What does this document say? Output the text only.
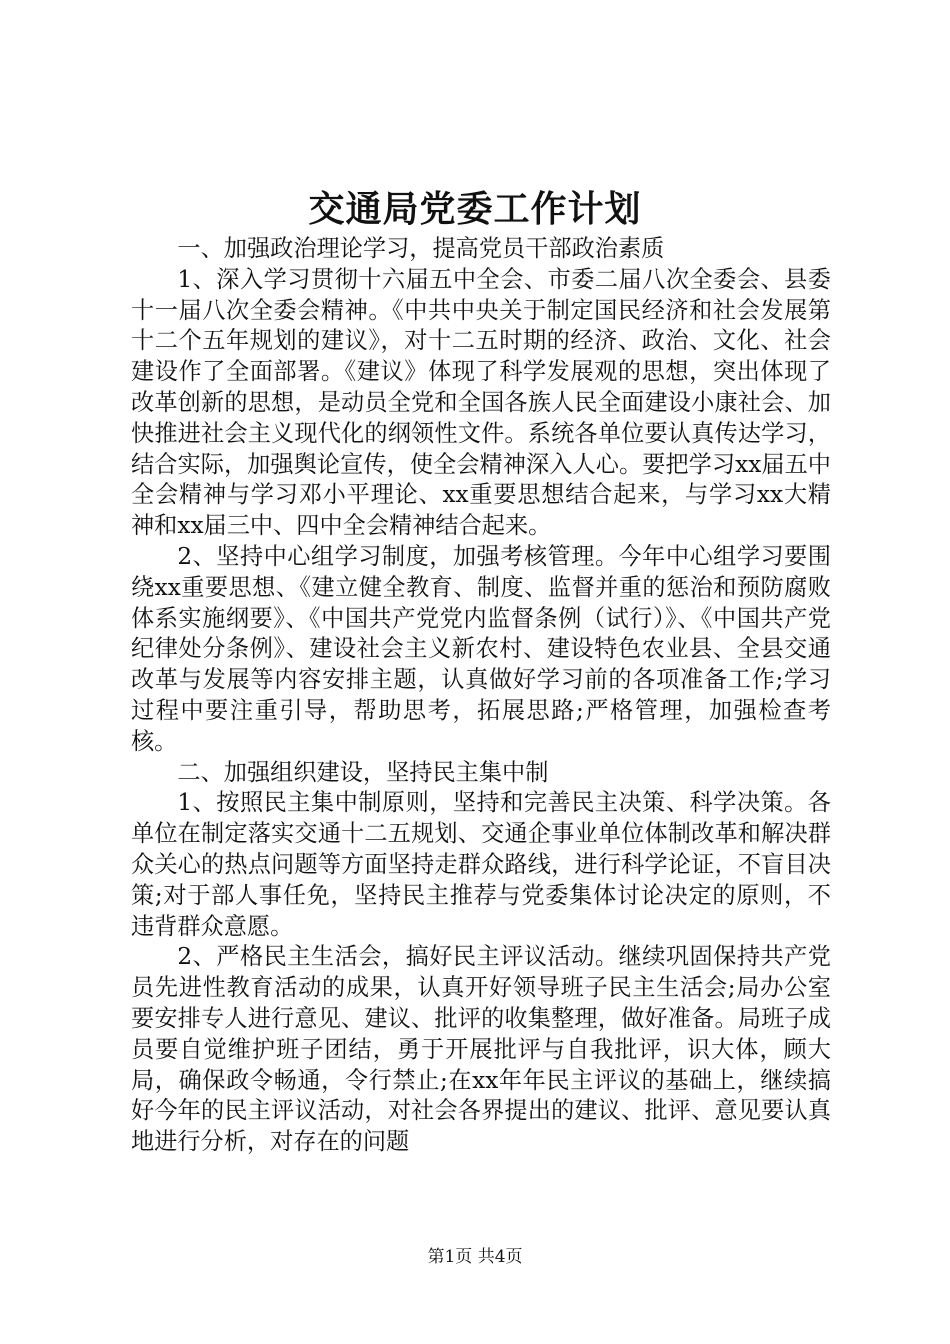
交通局党委工作计划

一、加强政治理论学习，提高党员干部政治素质

1、深入学习贯彻十六届五中全会、市委二届八次全委会、县委十一届八次全委会精神。《中共中央关于制定国民经济和社会发展第十二个五年规划的建议》，对十二五时期的经济、政治、文化、社会建设作了全面部署。《建议》体现了科学发展观的思想，突出体现了改革创新的思想，是动员全党和全国各族人民全面建设小康社会、加快推进社会主义现代化的纲领性文件。系统各单位要认真传达学习，结合实际，加强舆论宣传，使全会精神深入人心。要把学习xx届五中全会精神与学习邓小平理论、xx重要思想结合起来，与学习xx大精神和xx届三中、四中全会精神结合起来。

2、坚持中心组学习制度，加强考核管理。今年中心组学习要围绕xx重要思想、《建立健全教育、制度、监督并重的惩治和预防腐败体系实施纲要》、《中国共产党党内监督条例（试行）》、《中国共产党纪律处分条例》、建设社会主义新农村、建设特色农业县、全县交通改革与发展等内容安排主题，认真做好学习前的各项准备工作;学习过程中要注重引导，帮助思考，拓展思路;严格管理，加强检查考核。

二、加强组织建设，坚持民主集中制

1、按照民主集中制原则，坚持和完善民主决策、科学决策。各单位在制定落实交通十二五规划、交通企事业单位体制改革和解决群众关心的热点问题等方面坚持走群众路线，进行科学论证，不盲目决策;对于部人事任免，坚持民主推荐与党委集体讨论决定的原则，不违背群众意愿。

2、严格民主生活会，搞好民主评议活动。继续巩固保持共产党员先进性教育活动的成果，认真开好领导班子民主生活会;局办公室要安排专人进行意见、建议、批评的收集整理，做好准备。局班子成员要自觉维护班子团结，勇于开展批评与自我批评，识大体，顾大局，确保政令畅通，令行禁止;在xx年年民主评议的基础上，继续搞好今年的民主评议活动，对社会各界提出的建议、批评、意见要认真地进行分析，对存在的问题

第1页 共4页
